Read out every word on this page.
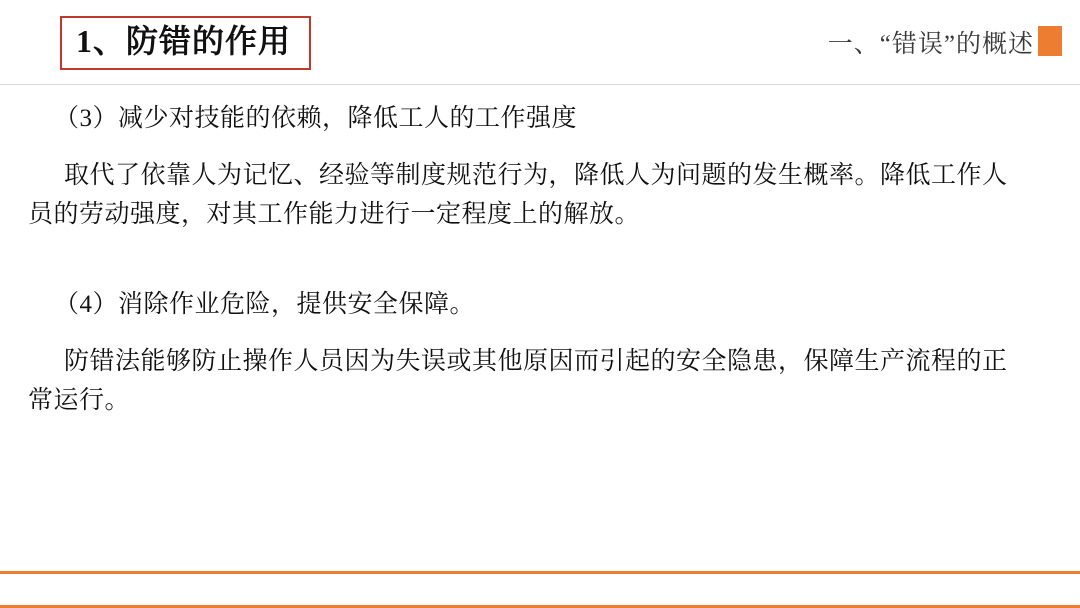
1、防错的作用	一、“错误”的概述
（3）减少对技能的依赖，降低工人的工作强度
取代了依靠人为记忆、经验等制度规范行为，降低人为问题的发生概率。降低工作人员的劳动强度，对其工作能力进行一定程度上的解放。
（4）消除作业危险，提供安全保障。
防错法能够防止操作人员因为失误或其他原因而引起的安全隐患，保障生产流程的正常运行。
